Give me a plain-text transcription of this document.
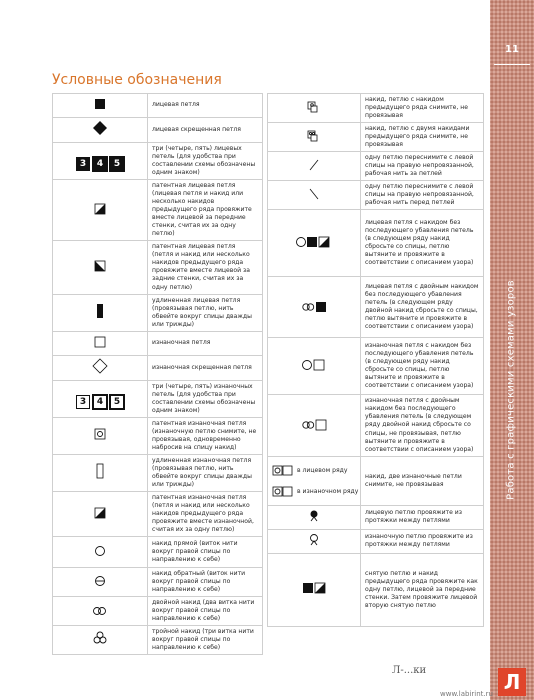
11
Работа с графическими схемами узоров
Условные обозначения
	лицевая петля
	лицевая скрещенная петля

3 4 5	три (четыре, пять) лицевых петель (для удобства при составлении схемы обозначены одним знаком)
	патентная лицевая петля (лицевая петля и накид или несколько накидов предыдущего ряда провяжите вместе лицевой за передние стенки, считая их за одну петлю)
	патентная лицевая петля (петля и накид или несколько накидов предыдущего ряда провяжите вместе лицевой за задние стенки, считая их за одну петлю)
	удлиненная лицевая петля (провязывая петлю, нить обвейте вокруг спицы дважды или трижды)
	изнаночная петля
	изнаночная скрещенная петля

3 4 5	три (четыре, пять) изнаночных петель (для удобства при составлении схемы обозначены одним знаком)
	патентная изнаночная петля (изнаночную петлю снимите, не провязывая, одновременно набросив на спицу накид)
	удлиненная изнаночная петля (провязывая петлю, нить обвейте вокруг спицы дважды или трижды)
	патентная изнаночная петля (петля и накид или несколько накидов предыдущего ряда провяжите вместе изнаночной, считая их за одну петлю)
	накид прямой (виток нити вокруг правой спицы по направлению к себе)
	накид обратный (виток нити вокруг правой спицы по направлению к себе)
	двойной накид (два витка нити вокруг правой спицы по направлению к себе)
	тройной накид (три витка нити вокруг правой спицы по направлению к себе)
	накид, петлю с накидом предыдущего ряда снимите, не провязывая
	накид, петлю с двумя накидами предыдущего ряда снимите, не провязывая
	одну петлю переснимите с левой спицы на правую непровязанной, рабочая нить за петлей
	одну петлю переснимите с левой спицы на правую непровязанной, рабочая нить перед петлей
	лицевая петля с накидом без последующего убавления петель (в следующем ряду накид сбросьте со спицы, петлю вытяните и провяжите в соответствии с описанием узора)
	лицевая петля с двойным накидом без последующего убавления петель (в следующем ряду двойной накид сбросьте со спицы, петлю вытяните и провяжите в соответствии с описанием узора)
	изнаночная петля с накидом без последующего убавления петель (в следующем ряду накид сбросьте со спицы, петлю вытяните и провяжите в соответствии с описанием узора)
	изнаночная петля с двойным накидом без последующего убавления петель (в следующем ряду двойной накид сбросьте со спицы, не провязывая, петлю вытяните и провяжите в соответствии с описанием узора)

в лицевом ряду
в изнаночном ряду	накид, две изнаночные петли снимите, не провязывая
	лицевую петлю провяжите из протяжки между петлями
	изнаночную петлю провяжите из протяжки между петлями
	снятую петлю и накид предыдущего ряда провяжите как одну петлю, лицевой за передние стенки. Затем провяжите лицевой вторую снятую петлю
Л-...ки	Л
www.labirint.ru
